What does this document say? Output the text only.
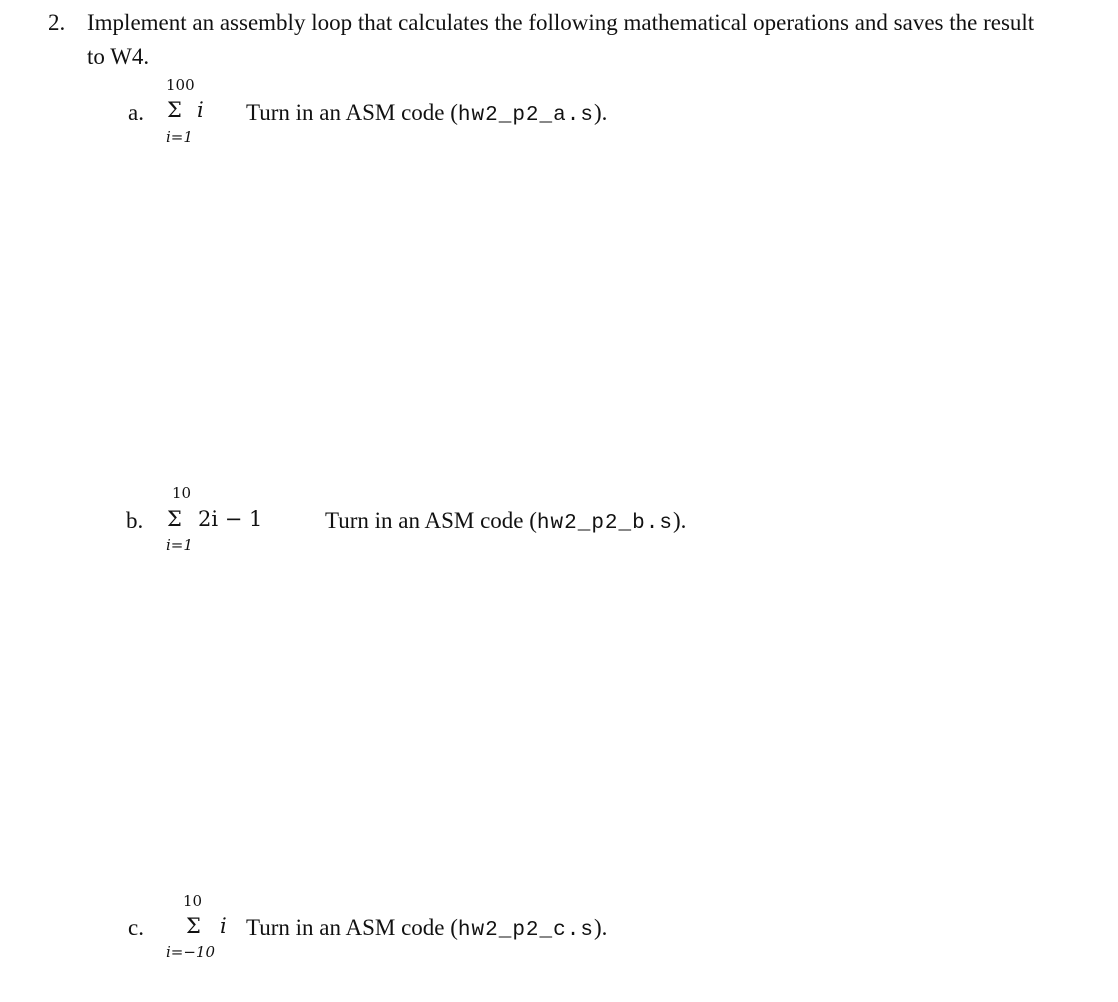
2. Implement an assembly loop that calculates the following mathematical operations and saves the result
to W4.
a.
100
Σ i
i=1
Turn in an ASM code (hw2_p2_a.s).
b.
10
Σ 2i − 1
i=1
Turn in an ASM code (hw2_p2_b.s).
c.
10
Σ i
i=−10
Turn in an ASM code (hw2_p2_c.s).
